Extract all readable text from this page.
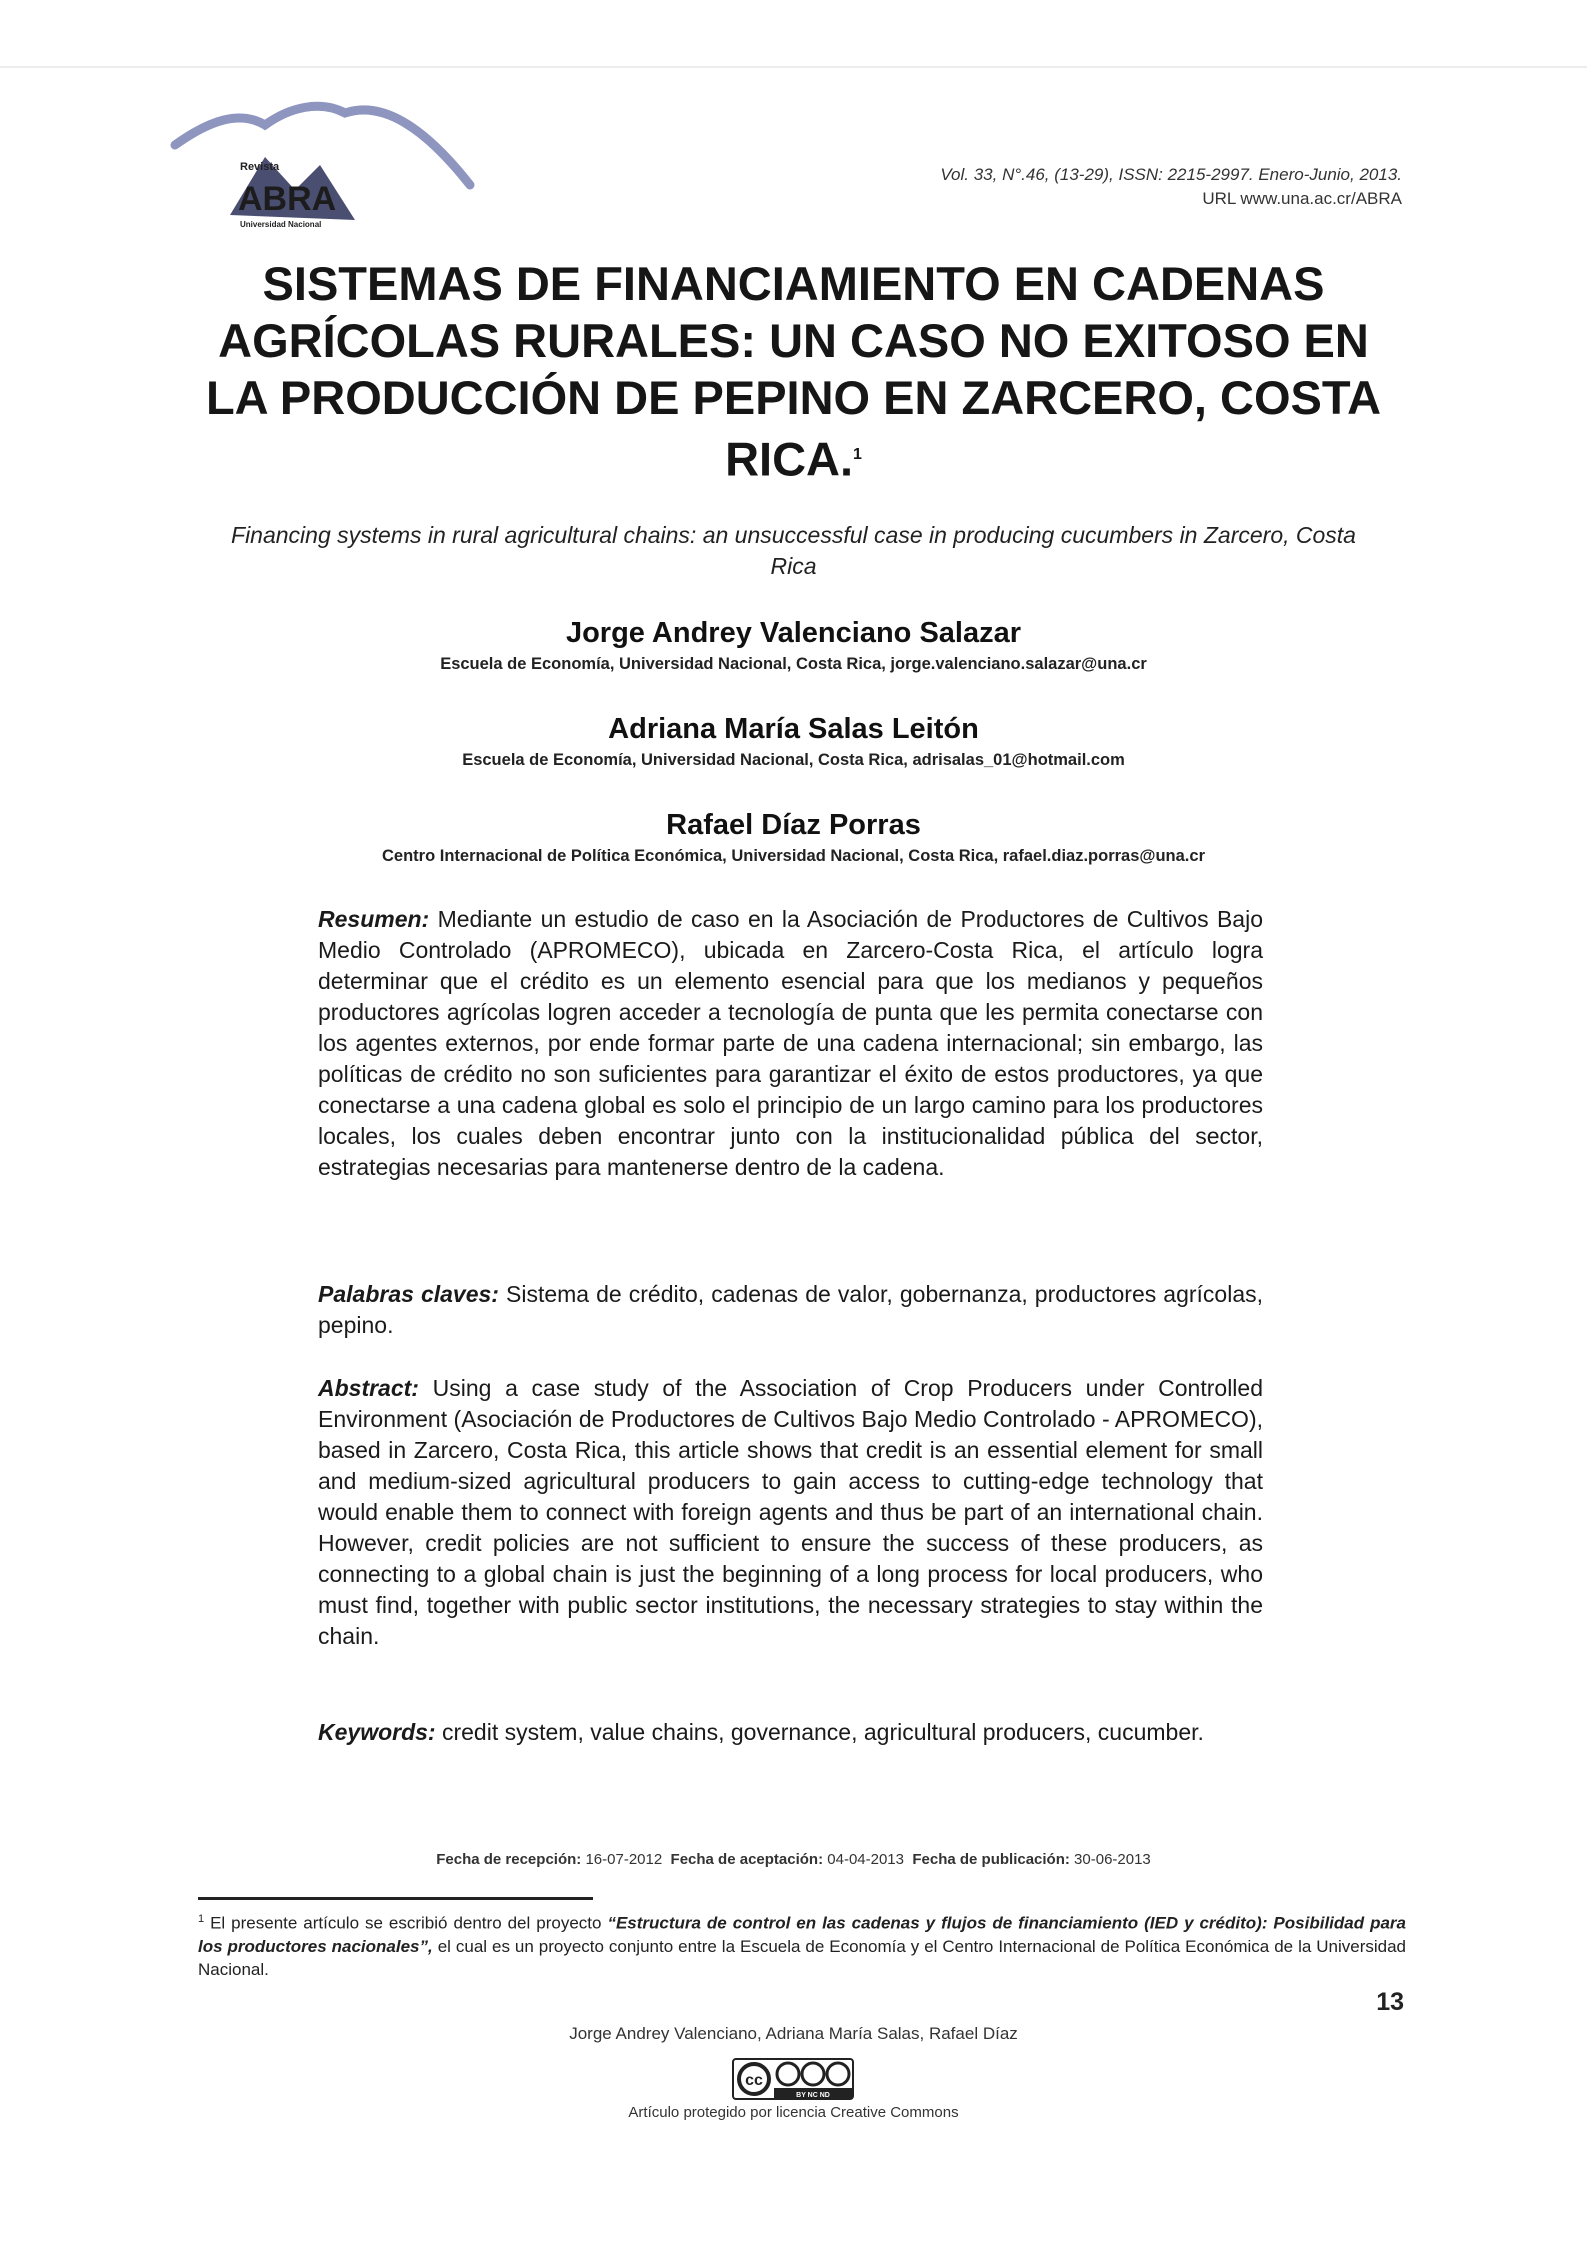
Revista
ABRA
Universidad Nacional
Vol. 33, N°.46, (13-29), ISSN: 2215-2997. Enero-Junio, 2013.
URL www.una.ac.cr/ABRA
SISTEMAS DE FINANCIAMIENTO EN CADENAS AGRÍCOLAS RURALES: UN CASO NO EXITOSO EN LA PRODUCCIÓN DE PEPINO EN ZARCERO, COSTA RICA.$^1$
Financing systems in rural agricultural chains: an unsuccessful case in producing cucumbers in Zarcero, Costa Rica
Jorge Andrey Valenciano Salazar
Escuela de Economía, Universidad Nacional, Costa Rica, jorge.valenciano.salazar@una.cr
Adriana María Salas Leitón
Escuela de Economía, Universidad Nacional, Costa Rica, adrisalas_01@hotmail.com
Rafael Díaz Porras
Centro Internacional de Política Económica, Universidad Nacional, Costa Rica, rafael.diaz.porras@una.cr

Resumen: Mediante un estudio de caso en la Asociación de Productores de Cultivos Bajo Medio Controlado (APROMECO), ubicada en Zarcero-Costa Rica, el artículo logra determinar que el crédito es un elemento esencial para que los medianos y pequeños productores agrícolas logren acceder a tecnología de punta que les permita conectarse con los agentes externos, por ende formar parte de una cadena internacional; sin embargo, las políticas de crédito no son suficientes para garantizar el éxito de estos productores, ya que conectarse a una cadena global es solo el principio de un largo camino para los productores locales, los cuales deben encontrar junto con la institucionalidad pública del sector, estrategias necesarias para mantenerse dentro de la cadena.

Palabras claves: Sistema de crédito, cadenas de valor, gobernanza, productores agrícolas, pepino.

Abstract: Using a case study of the Association of Crop Producers under Controlled Environment (Asociación de Productores de Cultivos Bajo Medio Controlado - APROMECO), based in Zarcero, Costa Rica, this article shows that credit is an essential element for small and medium-sized agricultural producers to gain access to cutting-edge technology that would enable them to connect with foreign agents and thus be part of an international chain. However, credit policies are not sufficient to ensure the success of these producers, as connecting to a global chain is just the beginning of a long process for local producers, who must find, together with public sector institutions, the necessary strategies to stay within the chain.

Keywords: credit system, value chains, governance, agricultural producers, cucumber.

Fecha de recepción: 16-07-2012 Fecha de aceptación: 04-04-2013 Fecha de publicación: 30-06-2013

$^1$ El presente artículo se escribió dentro del proyecto “Estructura de control en las cadenas y flujos de financiamiento (IED y crédito): Posibilidad para los productores nacionales”, el cual es un proyecto conjunto entre la Escuela de Economía y el Centro Internacional de Política Económica de la Universidad Nacional.

13
Jorge Andrey Valenciano, Adriana María Salas, Rafael Díaz
cc
BY NC ND
Artículo protegido por licencia Creative Commons
